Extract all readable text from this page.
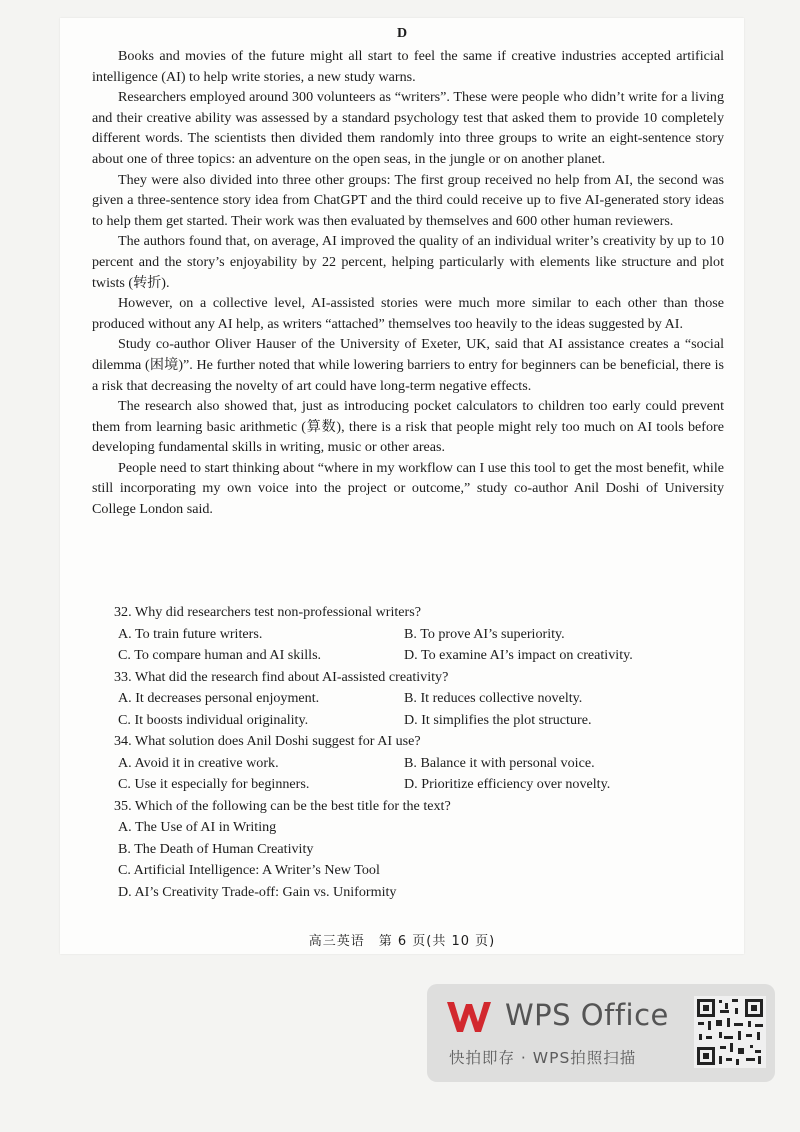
D

Books and movies of the future might all start to feel the same if creative industries accepted artificial intelligence (AI) to help write stories, a new study warns.

Researchers employed around 300 volunteers as “writers”. These were people who didn’t write for a living and their creative ability was assessed by a standard psychology test that asked them to provide 10 completely different words. The scientists then divided them randomly into three groups to write an eight-sentence story about one of three topics: an adventure on the open seas, in the jungle or on another planet.

They were also divided into three other groups: The first group received no help from AI, the second was given a three-sentence story idea from ChatGPT and the third could receive up to five AI-generated story ideas to help them get started. Their work was then evaluated by themselves and 600 other human reviewers.

The authors found that, on average, AI improved the quality of an individual writer’s creativity by up to 10 percent and the story’s enjoyability by 22 percent, helping particularly with elements like structure and plot twists (转折).

However, on a collective level, AI-assisted stories were much more similar to each other than those produced without any AI help, as writers “attached” themselves too heavily to the ideas suggested by AI.

Study co-author Oliver Hauser of the University of Exeter, UK, said that AI assistance creates a “social dilemma (困境)”. He further noted that while lowering barriers to entry for beginners can be beneficial, there is a risk that decreasing the novelty of art could have long-term negative effects.

The research also showed that, just as introducing pocket calculators to children too early could prevent them from learning basic arithmetic (算数), there is a risk that people might rely too much on AI tools before developing fundamental skills in writing, music or other areas.

People need to start thinking about “where in my workflow can I use this tool to get the most benefit, while still incorporating my own voice into the project or outcome,” study co-author Anil Doshi of University College London said.

32. Why did researchers test non-professional writers?
A. To train future writers.	B. To prove AI’s superiority.
C. To compare human and AI skills.	D. To examine AI’s impact on creativity.
33. What did the research find about AI-assisted creativity?
A. It decreases personal enjoyment.	B. It reduces collective novelty.
C. It boosts individual originality.	D. It simplifies the plot structure.
34. What solution does Anil Doshi suggest for AI use?
A. Avoid it in creative work.	B. Balance it with personal voice.
C. Use it especially for beginners.	D. Prioritize efficiency over novelty.
35. Which of the following can be the best title for the text?
A. The Use of AI in Writing
B. The Death of Human Creativity
C. Artificial Intelligence: A Writer’s New Tool
D. AI’s Creativity Trade-off: Gain vs. Uniformity
高三英语　第 6 页(共 10 页)
WPS Office
快拍即存 · WPS拍照扫描
